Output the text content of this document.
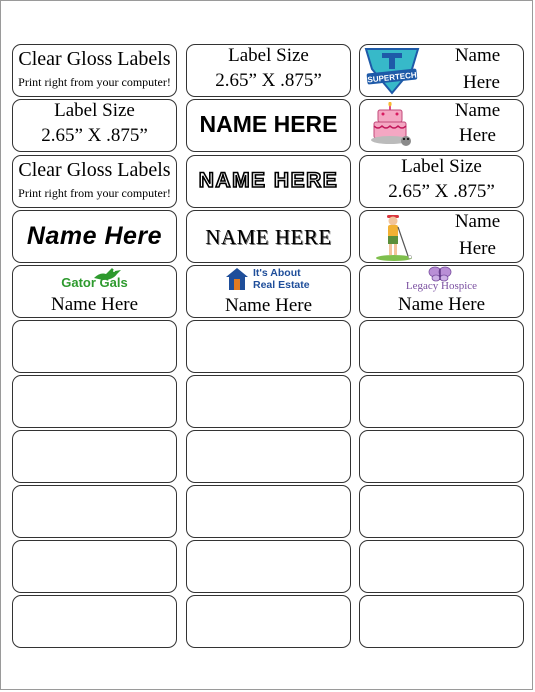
Clear Gloss Labels
Print right from your computer!
Label Size
2.65” X .875”	SUPERTECH
Name
Here
Label Size
2.65” X .875”	NAME HERE
Name
Here
Clear Gloss Labels
Print right from your computer!
NAME HERE
Label Size
2.65” X .875”
Name Here	NAME HERE
Name
Here
Gator Gals
Name Here
It's About
Real Estate
Name Here
Legacy Hospice
Name Here
